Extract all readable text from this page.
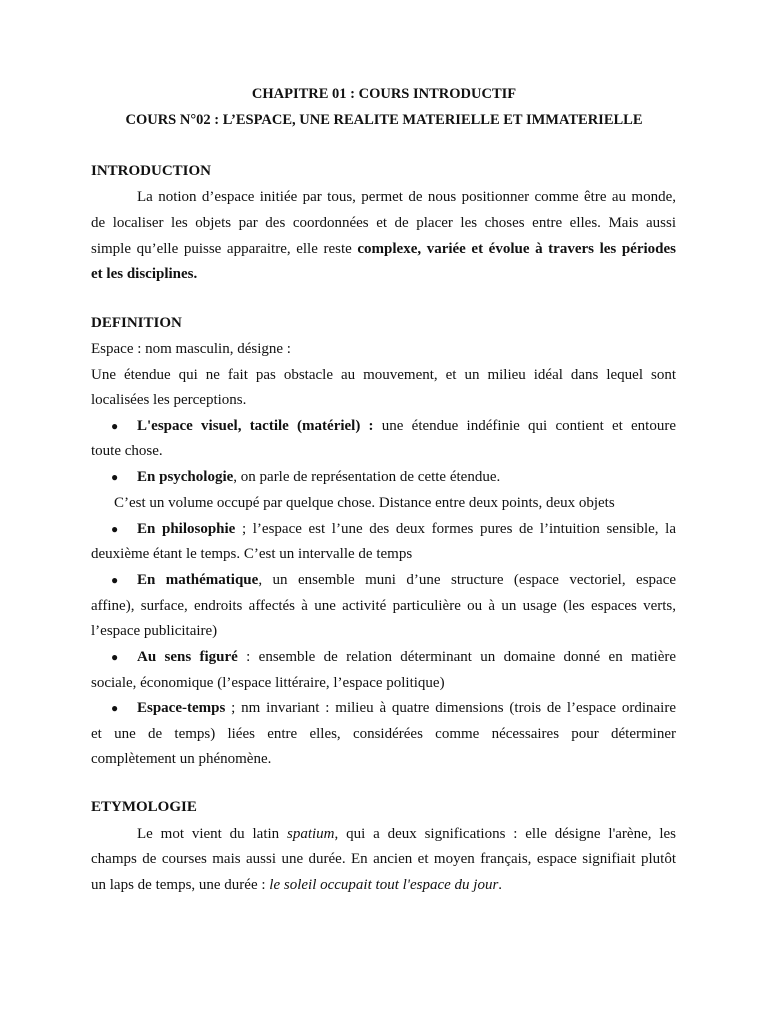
CHAPITRE 01 : COURS INTRODUCTIF
COURS N°02 : L’ESPACE, UNE REALITE MATERIELLE ET IMMATERIELLE
INTRODUCTION
La notion d’espace initiée par tous, permet de nous positionner comme être au monde,
de localiser les objets par des coordonnées et de placer les choses entre elles. Mais aussi
simple qu’elle puisse apparaitre, elle reste complexe, variée et évolue à travers les périodes
et les disciplines.
DEFINITION
Espace : nom masculin, désigne :
Une étendue qui ne fait pas obstacle au mouvement, et un milieu idéal dans lequel sont
localisées les perceptions.
● L'espace visuel, tactile (matériel) : une étendue indéfinie qui contient et entoure
toute chose.
● En psychologie, on parle de représentation de cette étendue.
C’est un volume occupé par quelque chose. Distance entre deux points, deux objets
● En philosophie ; l’espace est l’une des deux formes pures de l’intuition sensible, la
deuxième étant le temps. C’est un intervalle de temps
● En mathématique, un ensemble muni d’une structure (espace vectoriel, espace
affine), surface, endroits affectés à une activité particulière ou à un usage (les espaces verts,
l’espace publicitaire)
● Au sens figuré : ensemble de relation déterminant un domaine donné en matière
sociale, économique (l’espace littéraire, l’espace politique)
● Espace-temps ; nm invariant : milieu à quatre dimensions (trois de l’espace ordinaire
et une de temps) liées entre elles, considérées comme nécessaires pour déterminer
complètement un phénomène.
ETYMOLOGIE
Le mot vient du latin spatium, qui a deux significations : elle désigne l'arène, les
champs de courses mais aussi une durée. En ancien et moyen français, espace signifiait plutôt
un laps de temps, une durée : le soleil occupait tout l'espace du jour.
